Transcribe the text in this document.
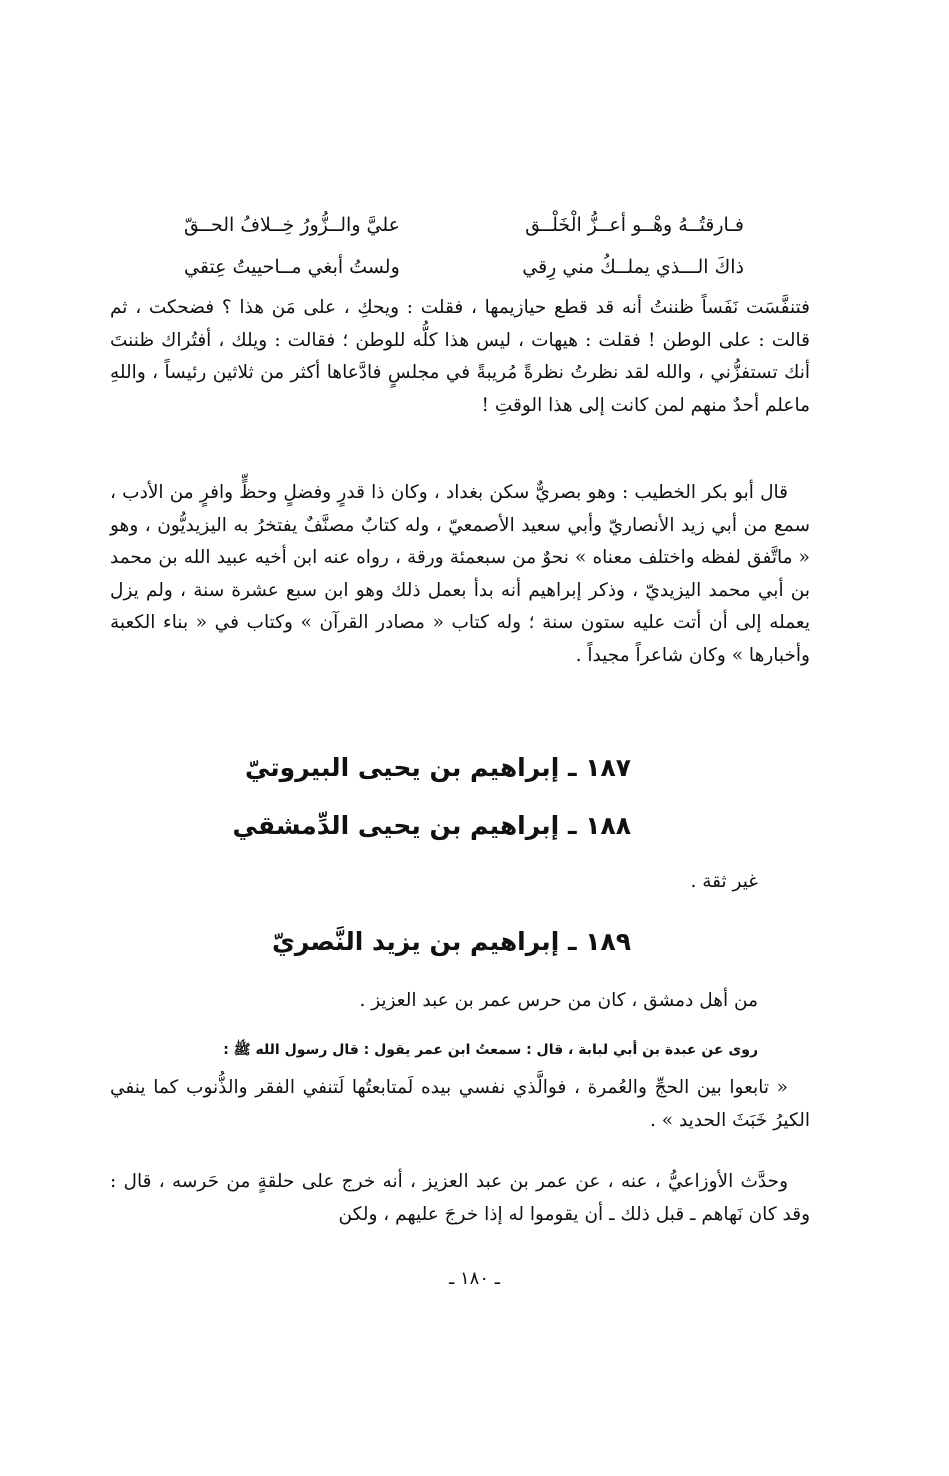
فـارقتُــهُ وهْــو أعــزُّ الْخَلْــق
عليَّ والــزُّورُ خِــلافُ الحــقّ
ذاكَ الـــذي يملــكُ مني رِقي
ولستُ أبغي مــاحييتُ عِتقي

فتنفَّسَت نَفَساً ظننتُ أنه قد قطع حيازيمها ، فقلت : ويحكِ ، على مَن هذا ؟ فضحكت ، ثم قالت : على الوطن ! فقلت : هيهات ، ليس هذا كلُّه للوطن ؛ فقالت : ويلك ، أفتُراك ظننتَ أنك تستفزُّني ، والله لقد نظرتُ نظرةً مُريبةً في مجلسٍ فادَّعاها أكثر من ثلاثين رئيساً ، واللهِ ماعلم أحدٌ منهم لمن كانت إلى هذا الوقتِ !

قال أبو بكر الخطيب : وهو بصريٌّ سكن بغداد ، وكان ذا قدرٍ وفضلٍ وحظٍّ وافرٍ من الأدب ، سمع من أبي زيد الأنصاريّ وأبي سعيد الأصمعيّ ، وله كتابٌ مصنَّفٌ يفتخرُ به اليزيديُّون ، وهو « ماتَّفق لفظه واختلف معناه » نحوٌ من سبعمئة ورقة ، رواه عنه ابن أخيه عبيد الله بن محمد بن أبي محمد اليزيديّ ، وذكر إبراهيم أنه بدأ بعمل ذلك وهو ابن سبع عشرة سنة ، ولم يزل يعمله إلى أن أتت عليه ستون سنة ؛ وله كتاب « مصادر القرآن » وكتاب في « بناء الكعبة وأخبارها » وكان شاعراً مجيداً .

١٨٧ ـ إبراهيم بن يحيى البيروتيّ
١٨٨ ـ إبراهيم بن يحيى الدِّمشقي

غير ثقة .

١٨٩ ـ إبراهيم بن يزيد النَّصريّ

من أهل دمشق ، كان من حرس عمر بن عبد العزيز .

روى عن عبدة بن أبي لبابة ، قال : سمعتُ ابن عمر يقول : قال رسول الله ﷺ :

« تابعوا بين الحجِّ والعُمرة ، فوالَّذي نفسي بيده لَمتابعتُها لَتنفي الفقر والذُّنوب كما ينفي الكيرُ خَبَثَ الحديد » .

وحدَّث الأوزاعيُّ ، عنه ، عن عمر بن عبد العزيز ، أنه خرج على حلقةٍ من حَرسه ، قال : وقد كان نَهاهم ـ قبل ذلك ـ أن يقوموا له إذا خرجَ عليهم ، ولكن

ـ ١٨٠ ـ
